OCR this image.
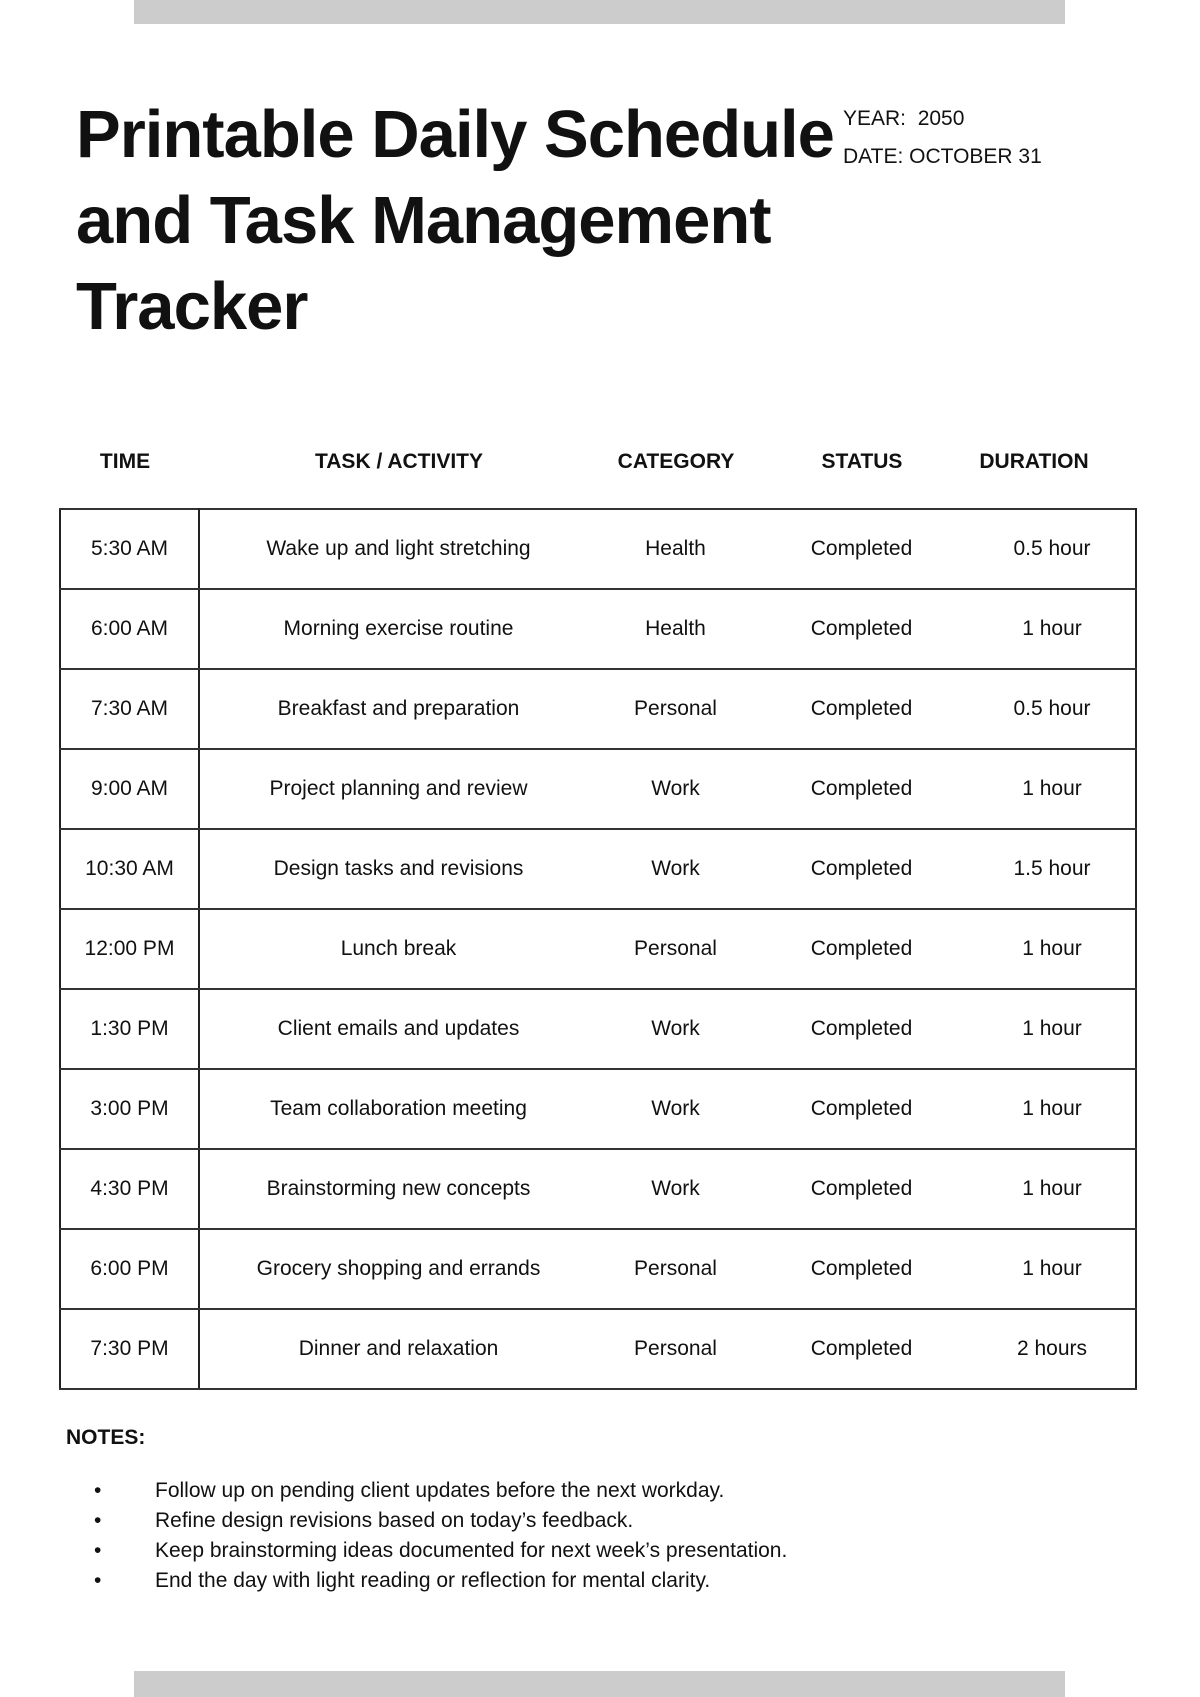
Printable Daily Schedule and Task Management Tracker
YEAR:  2050
DATE: OCTOBER 31
TIME	TASK / ACTIVITY	CATEGORY	STATUS	DURATION
5:30 AM	Wake up and light stretching	Health	Completed	0.5 hour
6:00 AM	Morning exercise routine	Health	Completed	1 hour
7:30 AM	Breakfast and preparation	Personal	Completed	0.5 hour
9:00 AM	Project planning and review	Work	Completed	1 hour
10:30 AM	Design tasks and revisions	Work	Completed	1.5 hour
12:00 PM	Lunch break	Personal	Completed	1 hour
1:30 PM	Client emails and updates	Work	Completed	1 hour
3:00 PM	Team collaboration meeting	Work	Completed	1 hour
4:30 PM	Brainstorming new concepts	Work	Completed	1 hour
6:00 PM	Grocery shopping and errands	Personal	Completed	1 hour
7:30 PM	Dinner and relaxation	Personal	Completed	2 hours
NOTES:
• Follow up on pending client updates before the next workday.
• Refine design revisions based on today’s feedback.
• Keep brainstorming ideas documented for next week’s presentation.
• End the day with light reading or reflection for mental clarity.
